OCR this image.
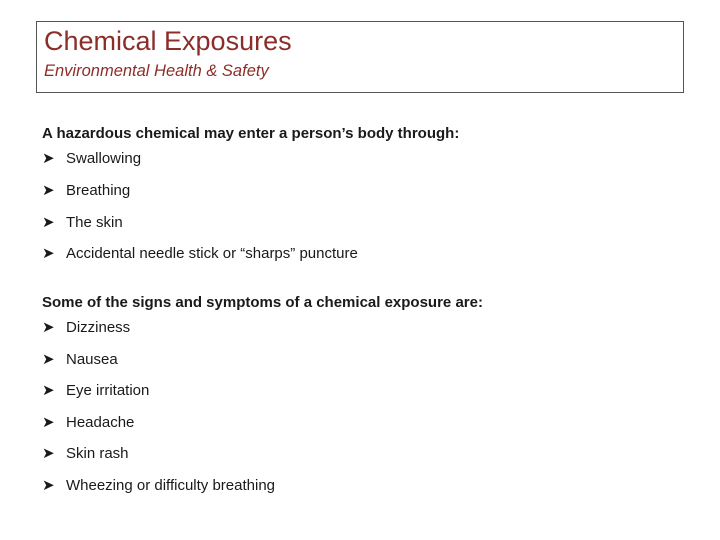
Chemical Exposures
Environmental Health & Safety
A hazardous chemical may enter a person’s body through:
➤ Swallowing
➤ Breathing
➤ The skin
➤ Accidental needle stick or “sharps” puncture
Some of the signs and symptoms of a chemical exposure are:
➤ Dizziness
➤ Nausea
➤ Eye irritation
➤ Headache
➤ Skin rash
➤ Wheezing or difficulty breathing
